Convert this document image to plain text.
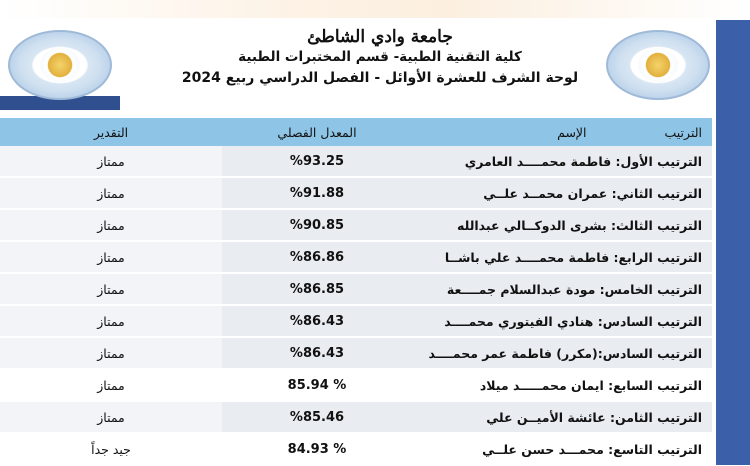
جامعة وادي الشاطئ
كلية التقنية الطبية- قسم المختبرات الطبية
لوحة الشرف للعشرة الأوائل - الفصل الدراسي ربيع 2024
الترتيب  الإسم	المعدل الفصلي	التقدير
الترتيب الأول: فاطمة محمــــد العامري	%93.25	ممتاز
الترتيب الثاني: عمران محمــد علــي	%91.88	ممتاز
الترتيب الثالث: بشرى الدوكــالي عبدالله	%90.85	ممتاز
الترتيب الرابع: فاطمة محمــــد علي باشــا	%86.86	ممتاز
الترتيب الخامس: مودة عبدالسلام جمــــعة	%86.85	ممتاز
الترتيب السادس: هنادي الفيتوري محمــــد	%86.43	ممتاز
الترتيب السادس:(مكرر) فاطمة عمر محمــــد	%86.43	ممتاز
الترتيب السابع: ايمان محمـــــد ميلاد	% 85.94	ممتاز
الترتيب الثامن: عائشة الأميــن علي	%85.46	ممتاز
الترتيب التاسع: محمـــد حسن علــي	% 84.93	جيد جداً
